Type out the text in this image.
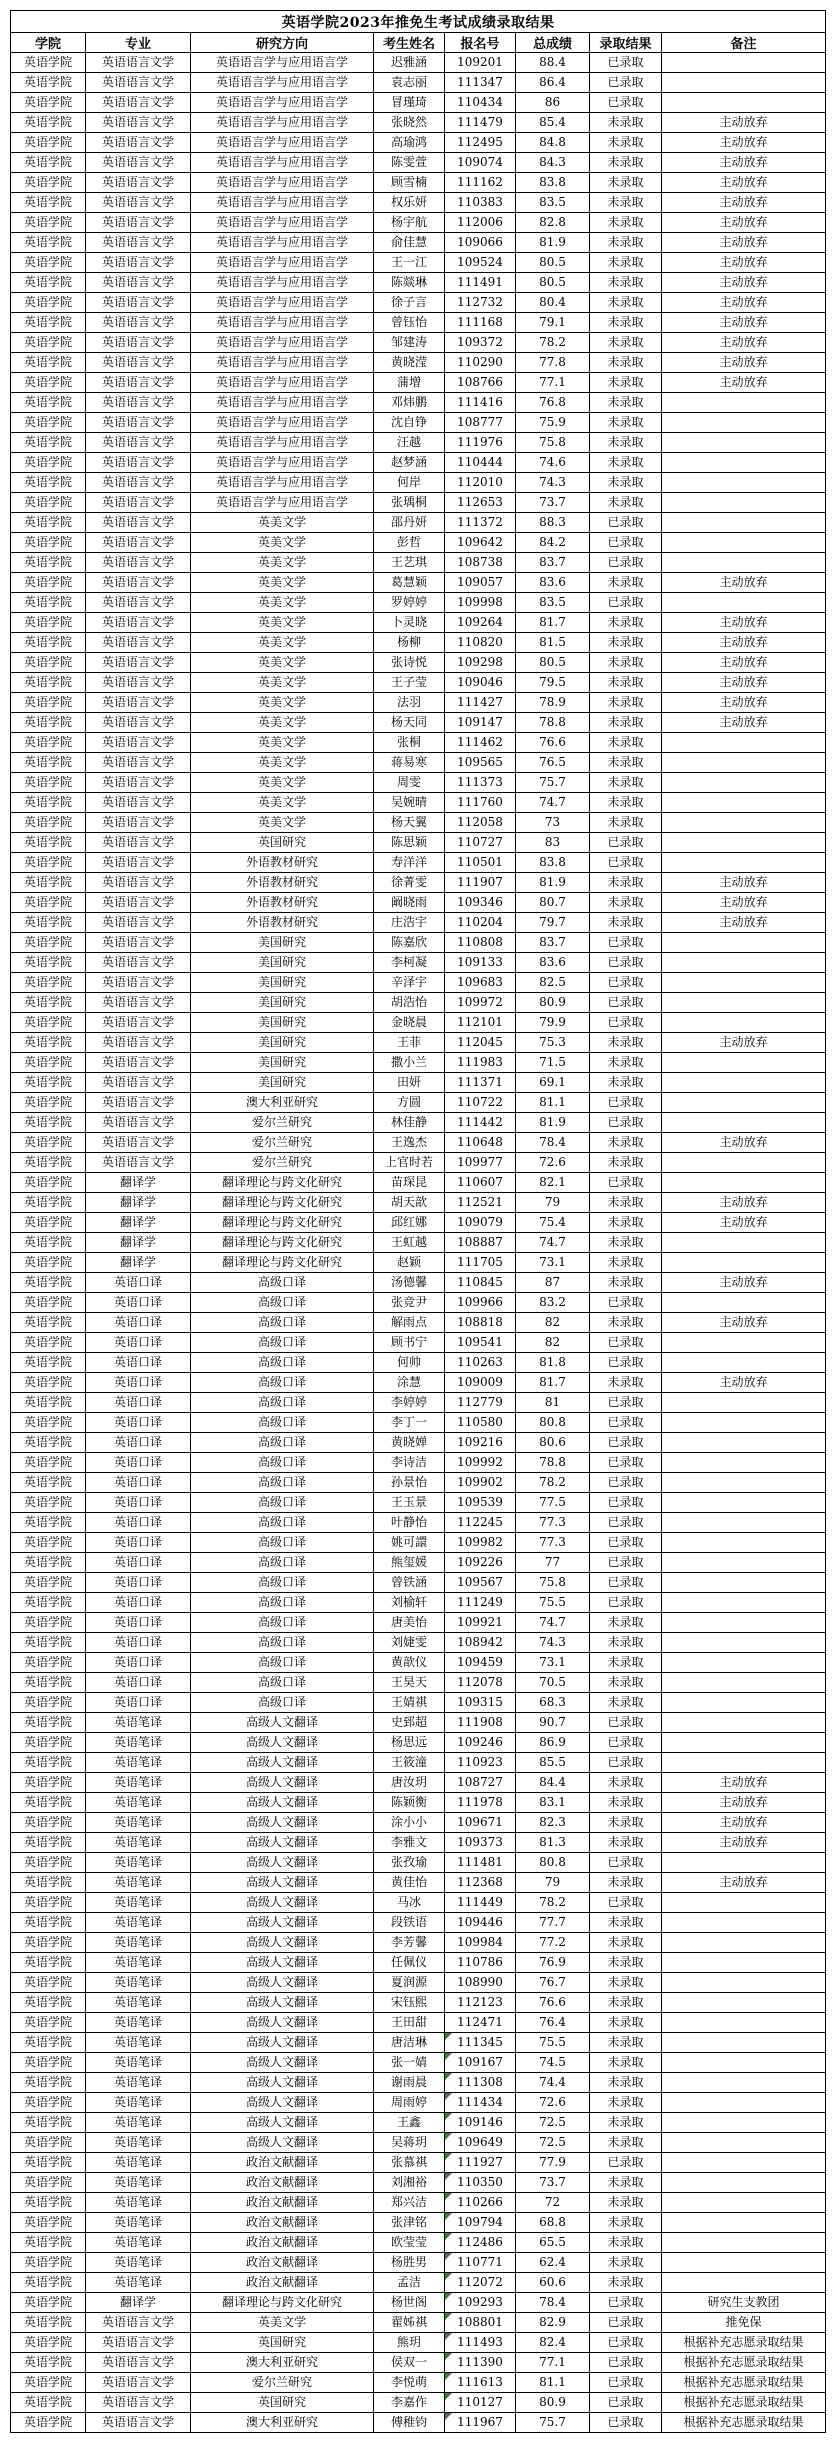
英语学院2023年推免生考试成绩录取结果							
学院	专业	研究方向	考生姓名	报名号	总成绩	录取结果	备注
英语学院	英语语言文学	英语语言学与应用语言学	迟雅涵	109201	88.4	已录取	
英语学院	英语语言文学	英语语言学与应用语言学	袁志丽	111347	86.4	已录取	
英语学院	英语语言文学	英语语言学与应用语言学	冒瑾琦	110434	86	已录取	
英语学院	英语语言文学	英语语言学与应用语言学	张晓然	111479	85.4	未录取	主动放弃
英语学院	英语语言文学	英语语言学与应用语言学	高瑜鸿	112495	84.8	未录取	主动放弃
英语学院	英语语言文学	英语语言学与应用语言学	陈雯萱	109074	84.3	未录取	主动放弃
英语学院	英语语言文学	英语语言学与应用语言学	顾雪楠	111162	83.8	未录取	主动放弃
英语学院	英语语言文学	英语语言学与应用语言学	权乐妍	110383	83.5	未录取	主动放弃
英语学院	英语语言文学	英语语言学与应用语言学	杨宇航	112006	82.8	未录取	主动放弃
英语学院	英语语言文学	英语语言学与应用语言学	俞佳慧	109066	81.9	未录取	主动放弃
英语学院	英语语言文学	英语语言学与应用语言学	王一江	109524	80.5	未录取	主动放弃
英语学院	英语语言文学	英语语言学与应用语言学	陈燚琳	111491	80.5	未录取	主动放弃
英语学院	英语语言文学	英语语言学与应用语言学	徐子言	112732	80.4	未录取	主动放弃
英语学院	英语语言文学	英语语言学与应用语言学	曾钰怡	111168	79.1	未录取	主动放弃
英语学院	英语语言文学	英语语言学与应用语言学	邹建涛	109372	78.2	未录取	主动放弃
英语学院	英语语言文学	英语语言学与应用语言学	黄晓滢	110290	77.8	未录取	主动放弃
英语学院	英语语言文学	英语语言学与应用语言学	蒲增	108766	77.1	未录取	主动放弃
英语学院	英语语言文学	英语语言学与应用语言学	邓炜鹏	111416	76.8	未录取	
英语学院	英语语言文学	英语语言学与应用语言学	沈自铮	108777	75.9	未录取	
英语学院	英语语言文学	英语语言学与应用语言学	汪越	111976	75.8	未录取	
英语学院	英语语言文学	英语语言学与应用语言学	赵梦涵	110444	74.6	未录取	
英语学院	英语语言文学	英语语言学与应用语言学	何岸	112010	74.3	未录取	
英语学院	英语语言文学	英语语言学与应用语言学	张瑀桐	112653	73.7	未录取	
英语学院	英语语言文学	英美文学	邵丹妍	111372	88.3	已录取	
英语学院	英语语言文学	英美文学	彭哲	109642	84.2	已录取	
英语学院	英语语言文学	英美文学	王艺琪	108738	83.7	已录取	
英语学院	英语语言文学	英美文学	葛慧颖	109057	83.6	未录取	主动放弃
英语学院	英语语言文学	英美文学	罗婷婷	109998	83.5	已录取	
英语学院	英语语言文学	英美文学	卜灵晓	109264	81.7	未录取	主动放弃
英语学院	英语语言文学	英美文学	杨柳	110820	81.5	未录取	主动放弃
英语学院	英语语言文学	英美文学	张诗悦	109298	80.5	未录取	主动放弃
英语学院	英语语言文学	英美文学	王子莹	109046	79.5	未录取	主动放弃
英语学院	英语语言文学	英美文学	法羽	111427	78.9	未录取	主动放弃
英语学院	英语语言文学	英美文学	杨天同	109147	78.8	未录取	主动放弃
英语学院	英语语言文学	英美文学	张桐	111462	76.6	未录取	
英语学院	英语语言文学	英美文学	蒋易寒	109565	76.5	未录取	
英语学院	英语语言文学	英美文学	周雯	111373	75.7	未录取	
英语学院	英语语言文学	英美文学	吴婉晴	111760	74.7	未录取	
英语学院	英语语言文学	英美文学	杨天翼	112058	73	未录取	
英语学院	英语语言文学	英国研究	陈思颖	110727	83	已录取	
英语学院	英语语言文学	外语教材研究	寿洋洋	110501	83.8	已录取	
英语学院	英语语言文学	外语教材研究	徐菁雯	111907	81.9	未录取	主动放弃
英语学院	英语语言文学	外语教材研究	阚晓雨	109346	80.7	未录取	主动放弃
英语学院	英语语言文学	外语教材研究	庄浩宇	110204	79.7	未录取	主动放弃
英语学院	英语语言文学	美国研究	陈嘉欣	110808	83.7	已录取	
英语学院	英语语言文学	美国研究	李柯凝	109133	83.6	已录取	
英语学院	英语语言文学	美国研究	辛泽宇	109683	82.5	已录取	
英语学院	英语语言文学	美国研究	胡浩怡	109972	80.9	已录取	
英语学院	英语语言文学	美国研究	金晓晨	112101	79.9	已录取	
英语学院	英语语言文学	美国研究	王菲	112045	75.3	未录取	主动放弃
英语学院	英语语言文学	美国研究	撒小兰	111983	71.5	未录取	
英语学院	英语语言文学	美国研究	田妍	111371	69.1	未录取	
英语学院	英语语言文学	澳大利亚研究	方圆	110722	81.1	已录取	
英语学院	英语语言文学	爱尔兰研究	林佳静	111442	81.9	已录取	
英语学院	英语语言文学	爱尔兰研究	王逸杰	110648	78.4	未录取	主动放弃
英语学院	英语语言文学	爱尔兰研究	上官时若	109977	72.6	未录取	
英语学院	翻译学	翻译理论与跨文化研究	苗琛昆	110607	82.1	已录取	
英语学院	翻译学	翻译理论与跨文化研究	胡天歆	112521	79	未录取	主动放弃
英语学院	翻译学	翻译理论与跨文化研究	邱红娜	109079	75.4	未录取	主动放弃
英语学院	翻译学	翻译理论与跨文化研究	王虹越	108887	74.7	未录取	
英语学院	翻译学	翻译理论与跨文化研究	赵颖	111705	73.1	未录取	
英语学院	英语口译	高级口译	汤德馨	110845	87	未录取	主动放弃
英语学院	英语口译	高级口译	张竞尹	109966	83.2	已录取	
英语学院	英语口译	高级口译	解雨点	108818	82	未录取	主动放弃
英语学院	英语口译	高级口译	顾书宁	109541	82	已录取	
英语学院	英语口译	高级口译	何帅	110263	81.8	已录取	
英语学院	英语口译	高级口译	涂慧	109009	81.7	未录取	主动放弃
英语学院	英语口译	高级口译	李婷婷	112779	81	已录取	
英语学院	英语口译	高级口译	李丁一	110580	80.8	已录取	
英语学院	英语口译	高级口译	黄晓婵	109216	80.6	已录取	
英语学院	英语口译	高级口译	李诗洁	109992	78.8	已录取	
英语学院	英语口译	高级口译	孙景怡	109902	78.2	已录取	
英语学院	英语口译	高级口译	王玉景	109539	77.5	已录取	
英语学院	英语口译	高级口译	叶静怡	112245	77.3	已录取	
英语学院	英语口译	高级口译	姚可譞	109982	77.3	已录取	
英语学院	英语口译	高级口译	熊玺媛	109226	77	已录取	
英语学院	英语口译	高级口译	曾铁涵	109567	75.8	已录取	
英语学院	英语口译	高级口译	刘榆轩	111249	75.5	已录取	
英语学院	英语口译	高级口译	唐美怡	109921	74.7	未录取	
英语学院	英语口译	高级口译	刘婕雯	108942	74.3	未录取	
英语学院	英语口译	高级口译	黄歆仪	109459	73.1	未录取	
英语学院	英语口译	高级口译	王昊天	112078	70.5	未录取	
英语学院	英语口译	高级口译	王婧祺	109315	68.3	未录取	
英语学院	英语笔译	高级人文翻译	史郅超	111908	90.7	已录取	
英语学院	英语笔译	高级人文翻译	杨思远	109246	86.9	已录取	
英语学院	英语笔译	高级人文翻译	王筱潼	110923	85.5	已录取	
英语学院	英语笔译	高级人文翻译	唐汝玥	108727	84.4	未录取	主动放弃
英语学院	英语笔译	高级人文翻译	陈颖衡	111978	83.1	未录取	主动放弃
英语学院	英语笔译	高级人文翻译	涂小小	109671	82.3	未录取	主动放弃
英语学院	英语笔译	高级人文翻译	李雅文	109373	81.3	未录取	主动放弃
英语学院	英语笔译	高级人文翻译	张孜瑜	111481	80.8	已录取	
英语学院	英语笔译	高级人文翻译	黄佳怡	112368	79	未录取	主动放弃
英语学院	英语笔译	高级人文翻译	马冰	111449	78.2	已录取	
英语学院	英语笔译	高级人文翻译	段铁语	109446	77.7	未录取	
英语学院	英语笔译	高级人文翻译	李芳馨	109984	77.2	未录取	
英语学院	英语笔译	高级人文翻译	任佩仪	110786	76.9	未录取	
英语学院	英语笔译	高级人文翻译	夏润源	108990	76.7	未录取	
英语学院	英语笔译	高级人文翻译	宋钰熙	112123	76.6	未录取	
英语学院	英语笔译	高级人文翻译	王田甜	112471	76.4	未录取	
英语学院	英语笔译	高级人文翻译	唐洁琳	111345	75.5	未录取	
英语学院	英语笔译	高级人文翻译	张一婧	109167	74.5	未录取	
英语学院	英语笔译	高级人文翻译	谢雨晨	111308	74.4	未录取	
英语学院	英语笔译	高级人文翻译	周雨婷	111434	72.6	未录取	
英语学院	英语笔译	高级人文翻译	王鑫	109146	72.5	未录取	
英语学院	英语笔译	高级人文翻译	吴蒋玥	109649	72.5	未录取	
英语学院	英语笔译	政治文献翻译	张慕祺	111927	77.9	已录取	
英语学院	英语笔译	政治文献翻译	刘湘裕	110350	73.7	未录取	
英语学院	英语笔译	政治文献翻译	郑兴洁	110266	72	未录取	
英语学院	英语笔译	政治文献翻译	张津铭	109794	68.8	未录取	
英语学院	英语笔译	政治文献翻译	欧莹莹	112486	65.5	未录取	
英语学院	英语笔译	政治文献翻译	杨胜男	110771	62.4	未录取	
英语学院	英语笔译	政治文献翻译	孟洁	112072	60.6	未录取	
英语学院	翻译学	翻译理论与跨文化研究	杨世阁	109293	78.4	已录取	研究生支教团
英语学院	英语语言文学	英美文学	翟姊祺	108801	82.9	已录取	推免保
英语学院	英语语言文学	英国研究	熊玥	111493	82.4	已录取	根据补充志愿录取结果
英语学院	英语语言文学	澳大利亚研究	侯双一	111390	77.1	已录取	根据补充志愿录取结果
英语学院	英语语言文学	爱尔兰研究	李悦萌	111613	81.1	已录取	根据补充志愿录取结果
英语学院	英语语言文学	英国研究	李嘉作	110127	80.9	已录取	根据补充志愿录取结果
英语学院	英语语言文学	澳大利亚研究	傅稚钧	111967	75.7	已录取	根据补充志愿录取结果
